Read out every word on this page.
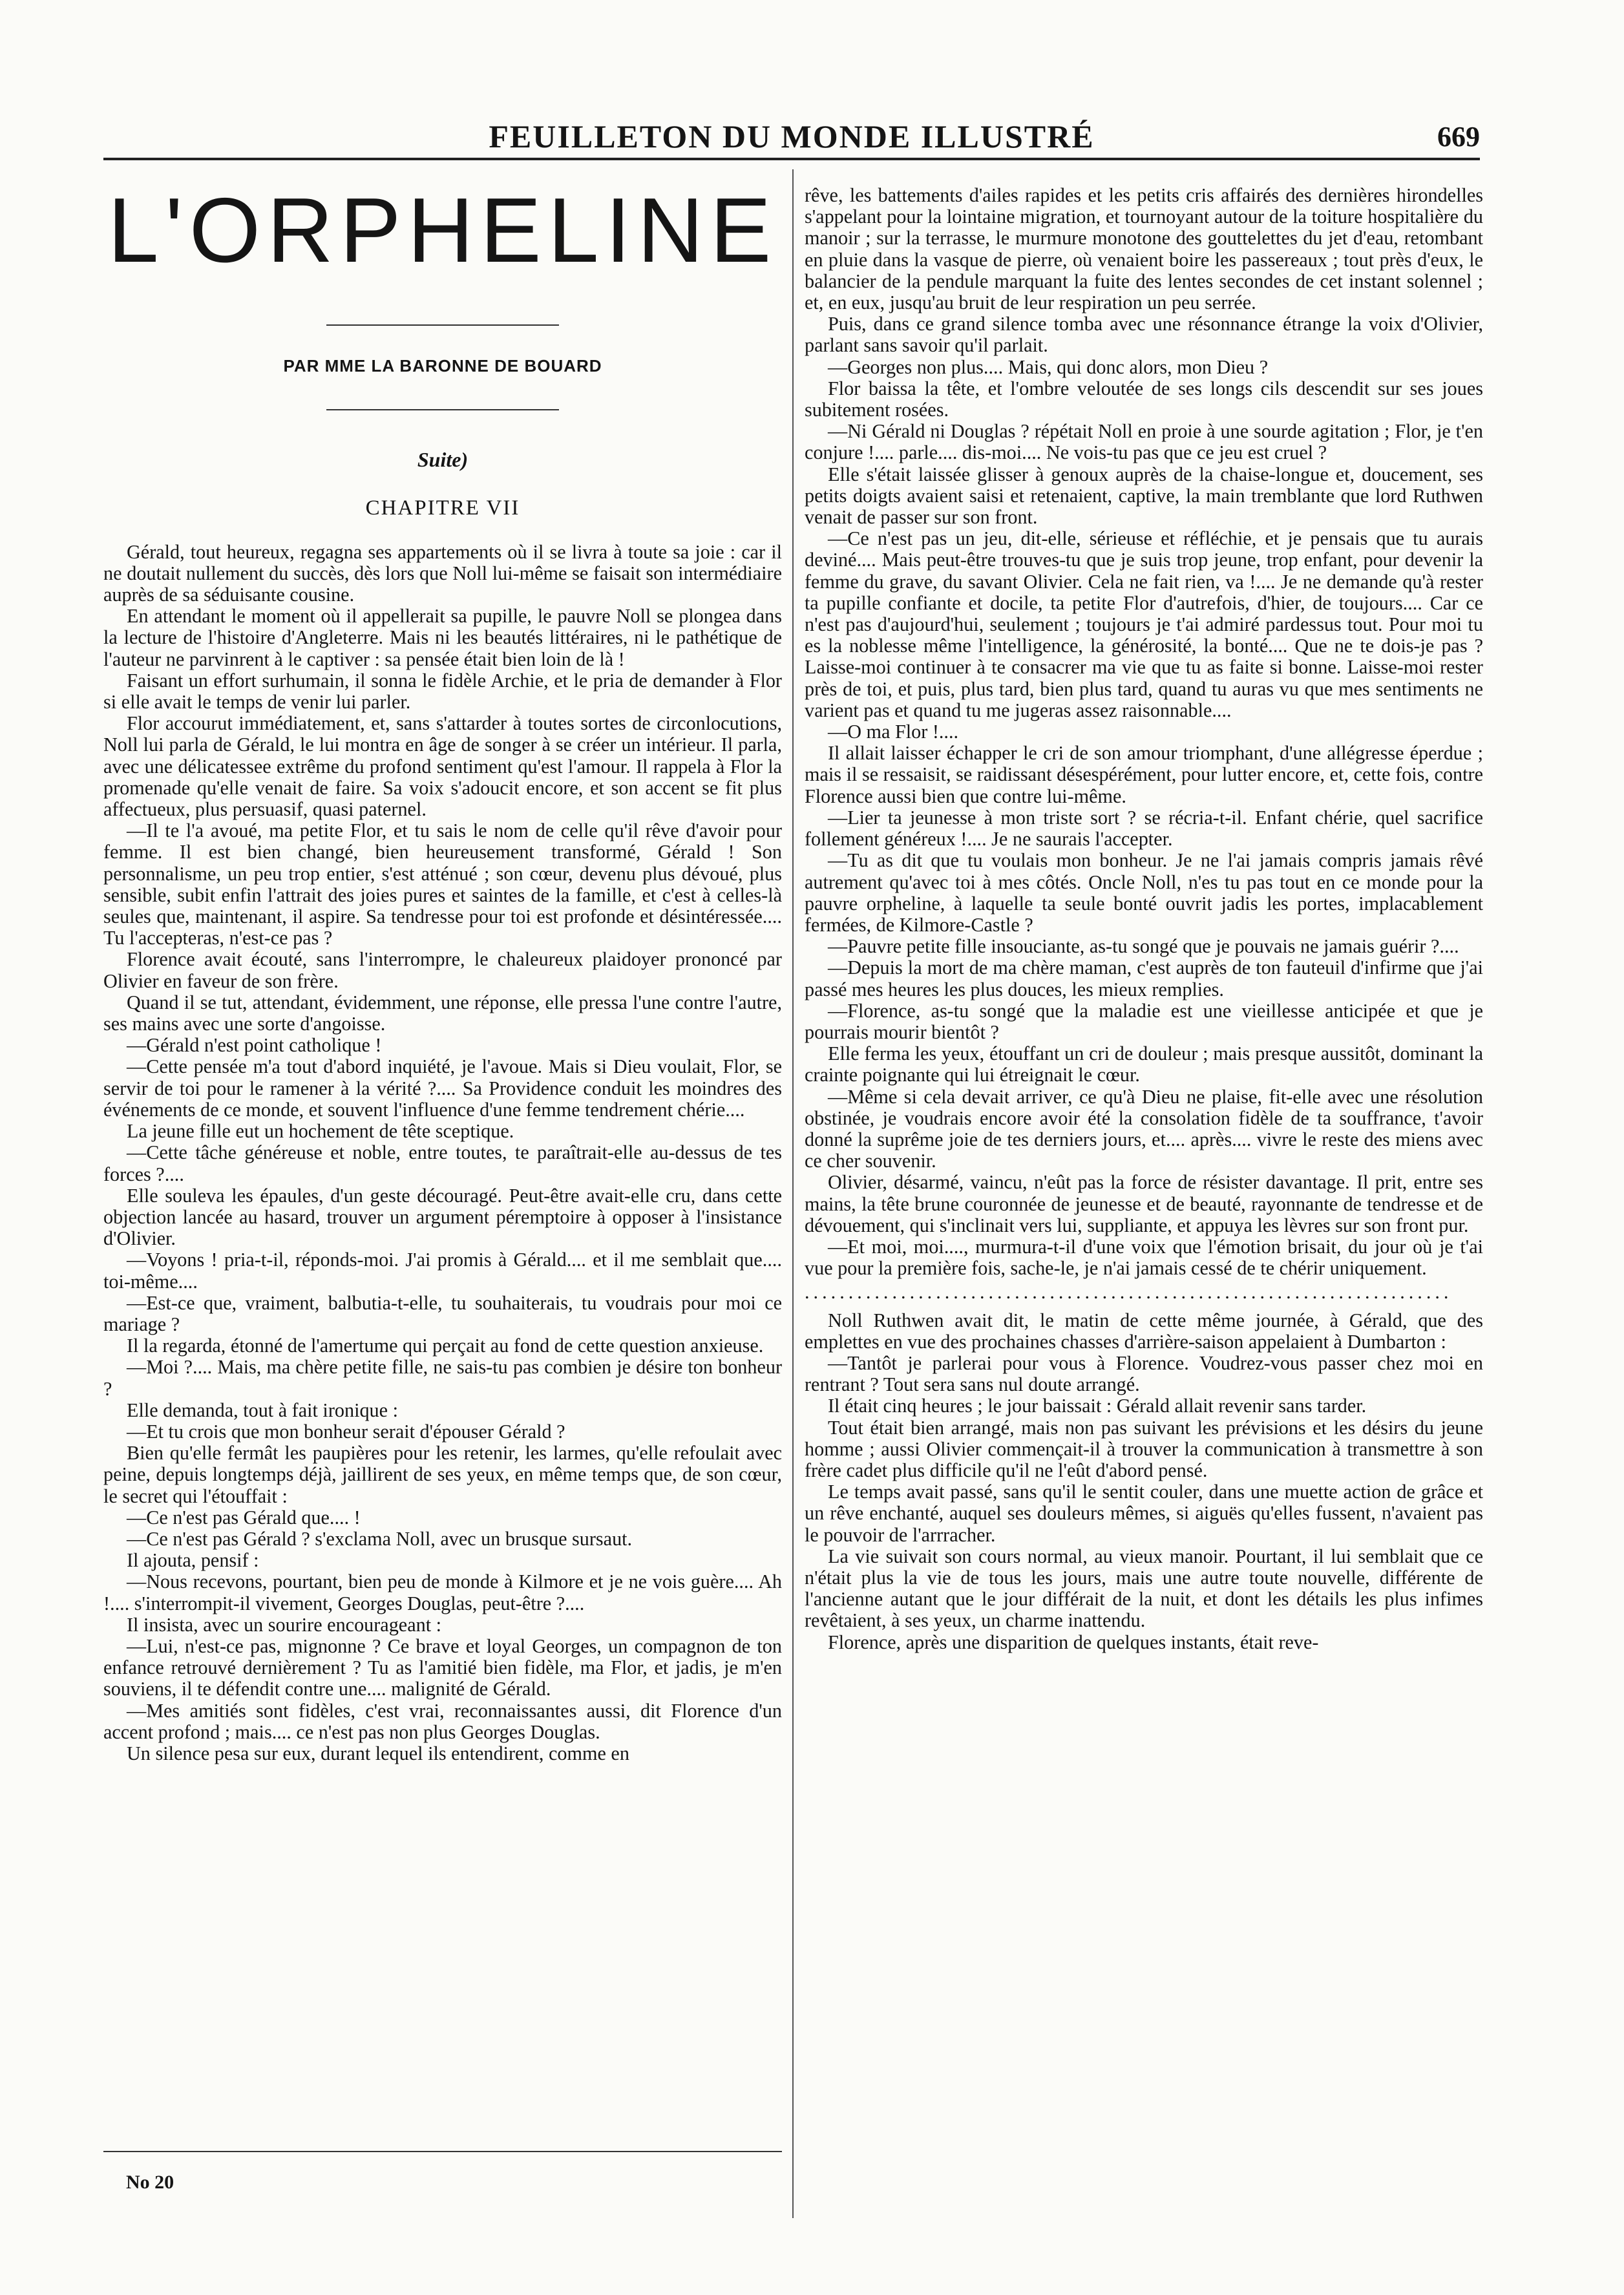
FEUILLETON DU MONDE ILLUSTRÉ	669
L'ORPHELINE
PAR MME LA BARONNE DE BOUARD
Suite)
CHAPITRE VII

Gérald, tout heureux, regagna ses appartements où il se livra à toute sa joie : car il ne doutait nullement du succès, dès lors que Noll lui-même se faisait son intermédiaire auprès de sa séduisante cousine.

En attendant le moment où il appellerait sa pupille, le pauvre Noll se plongea dans la lecture de l'histoire d'Angleterre. Mais ni les beautés littéraires, ni le pathétique de l'auteur ne parvinrent à le captiver : sa pensée était bien loin de là !

Faisant un effort surhumain, il sonna le fidèle Archie, et le pria de demander à Flor si elle avait le temps de venir lui parler.

Flor accourut immédiatement, et, sans s'attarder à toutes sortes de circonlocutions, Noll lui parla de Gérald, le lui montra en âge de songer à se créer un intérieur. Il parla, avec une délicatessee extrême du profond sentiment qu'est l'amour. Il rappela à Flor la promenade qu'elle venait de faire. Sa voix s'adoucit encore, et son accent se fit plus affectueux, plus persuasif, quasi paternel.

—Il te l'a avoué, ma petite Flor, et tu sais le nom de celle qu'il rêve d'avoir pour femme. Il est bien changé, bien heureusement transformé, Gérald ! Son personnalisme, un peu trop entier, s'est atténué ; son cœur, devenu plus dévoué, plus sensible, subit enfin l'attrait des joies pures et saintes de la famille, et c'est à celles-là seules que, maintenant, il aspire. Sa tendresse pour toi est profonde et désintéressée.... Tu l'accepteras, n'est-ce pas ?

Florence avait écouté, sans l'interrompre, le chaleureux plaidoyer prononcé par Olivier en faveur de son frère.

Quand il se tut, attendant, évidemment, une réponse, elle pressa l'une contre l'autre, ses mains avec une sorte d'angoisse.

—Gérald n'est point catholique !

—Cette pensée m'a tout d'abord inquiété, je l'avoue. Mais si Dieu voulait, Flor, se servir de toi pour le ramener à la vérité ?.... Sa Providence conduit les moindres des événements de ce monde, et souvent l'influence d'une femme tendrement chérie....

La jeune fille eut un hochement de tête sceptique.

—Cette tâche généreuse et noble, entre toutes, te paraîtrait-elle au-dessus de tes forces ?....

Elle souleva les épaules, d'un geste découragé. Peut-être avait-elle cru, dans cette objection lancée au hasard, trouver un argument péremptoire à opposer à l'insistance d'Olivier.

—Voyons ! pria-t-il, réponds-moi. J'ai promis à Gérald.... et il me semblait que.... toi-même....

—Est-ce que, vraiment, balbutia-t-elle, tu souhaiterais, tu voudrais pour moi ce mariage ?

Il la regarda, étonné de l'amertume qui perçait au fond de cette question anxieuse.

—Moi ?.... Mais, ma chère petite fille, ne sais-tu pas combien je désire ton bonheur ?

Elle demanda, tout à fait ironique :

—Et tu crois que mon bonheur serait d'épouser Gérald ?

Bien qu'elle fermât les paupières pour les retenir, les larmes, qu'elle refoulait avec peine, depuis longtemps déjà, jaillirent de ses yeux, en même temps que, de son cœur, le secret qui l'étouffait :

—Ce n'est pas Gérald que.... !

—Ce n'est pas Gérald ? s'exclama Noll, avec un brusque sursaut.

Il ajouta, pensif :

—Nous recevons, pourtant, bien peu de monde à Kilmore et je ne vois guère.... Ah !.... s'interrompit-il vivement, Georges Douglas, peut-être ?....

Il insista, avec un sourire encourageant :

—Lui, n'est-ce pas, mignonne ? Ce brave et loyal Georges, un compagnon de ton enfance retrouvé dernièrement ? Tu as l'amitié bien fidèle, ma Flor, et jadis, je m'en souviens, il te défendit contre une.... malignité de Gérald.

—Mes amitiés sont fidèles, c'est vrai, reconnaissantes aussi, dit Florence d'un accent profond ; mais.... ce n'est pas non plus Georges Douglas.

Un silence pesa sur eux, durant lequel ils entendirent, comme en

rêve, les battements d'ailes rapides et les petits cris affairés des dernières hirondelles s'appelant pour la lointaine migration, et tournoyant autour de la toiture hospitalière du manoir ; sur la terrasse, le murmure monotone des gouttelettes du jet d'eau, retombant en pluie dans la vasque de pierre, où venaient boire les passereaux ; tout près d'eux, le balancier de la pendule marquant la fuite des lentes secondes de cet instant solennel ; et, en eux, jusqu'au bruit de leur respiration un peu serrée.

Puis, dans ce grand silence tomba avec une résonnance étrange la voix d'Olivier, parlant sans savoir qu'il parlait.

—Georges non plus.... Mais, qui donc alors, mon Dieu ?

Flor baissa la tête, et l'ombre veloutée de ses longs cils descendit sur ses joues subitement rosées.

—Ni Gérald ni Douglas ? répétait Noll en proie à une sourde agitation ; Flor, je t'en conjure !.... parle.... dis-moi.... Ne vois-tu pas que ce jeu est cruel ?

Elle s'était laissée glisser à genoux auprès de la chaise-longue et, doucement, ses petits doigts avaient saisi et retenaient, captive, la main tremblante que lord Ruthwen venait de passer sur son front.

—Ce n'est pas un jeu, dit-elle, sérieuse et réfléchie, et je pensais que tu aurais deviné.... Mais peut-être trouves-tu que je suis trop jeune, trop enfant, pour devenir la femme du grave, du savant Olivier. Cela ne fait rien, va !.... Je ne demande qu'à rester ta pupille confiante et docile, ta petite Flor d'autrefois, d'hier, de toujours.... Car ce n'est pas d'aujourd'hui, seulement ; toujours je t'ai admiré pardessus tout. Pour moi tu es la noblesse même l'intelligence, la générosité, la bonté.... Que ne te dois-je pas ? Laisse-moi continuer à te consacrer ma vie que tu as faite si bonne. Laisse-moi rester près de toi, et puis, plus tard, bien plus tard, quand tu auras vu que mes sentiments ne varient pas et quand tu me jugeras assez raisonnable....

—O ma Flor !....

Il allait laisser échapper le cri de son amour triomphant, d'une allégresse éperdue ; mais il se ressaisit, se raidissant désespérément, pour lutter encore, et, cette fois, contre Florence aussi bien que contre lui-même.

—Lier ta jeunesse à mon triste sort ? se récria-t-il. Enfant chérie, quel sacrifice follement généreux !.... Je ne saurais l'accepter.

—Tu as dit que tu voulais mon bonheur. Je ne l'ai jamais compris jamais rêvé autrement qu'avec toi à mes côtés. Oncle Noll, n'es tu pas tout en ce monde pour la pauvre orpheline, à laquelle ta seule bonté ouvrit jadis les portes, implacablement fermées, de Kilmore-Castle ?

—Pauvre petite fille insouciante, as-tu songé que je pouvais ne jamais guérir ?....

—Depuis la mort de ma chère maman, c'est auprès de ton fauteuil d'infirme que j'ai passé mes heures les plus douces, les mieux remplies.

—Florence, as-tu songé que la maladie est une vieillesse anticipée et que je pourrais mourir bientôt ?

Elle ferma les yeux, étouffant un cri de douleur ; mais presque aussitôt, dominant la crainte poignante qui lui étreignait le cœur.

—Même si cela devait arriver, ce qu'à Dieu ne plaise, fit-elle avec une résolution obstinée, je voudrais encore avoir été la consolation fidèle de ta souffrance, t'avoir donné la suprême joie de tes derniers jours, et.... après.... vivre le reste des miens avec ce cher souvenir.

Olivier, désarmé, vaincu, n'eût pas la force de résister davantage. Il prit, entre ses mains, la tête brune couronnée de jeunesse et de beauté, rayonnante de tendresse et de dévouement, qui s'inclinait vers lui, suppliante, et appuya les lèvres sur son front pur.

—Et moi, moi...., murmura-t-il d'une voix que l'émotion brisait, du jour où je t'ai vue pour la première fois, sache-le, je n'ai jamais cessé de te chérir uniquement.

..........................................................................

Noll Ruthwen avait dit, le matin de cette même journée, à Gérald, que des emplettes en vue des prochaines chasses d'arrière-saison appelaient à Dumbarton :

—Tantôt je parlerai pour vous à Florence. Voudrez-vous passer chez moi en rentrant ? Tout sera sans nul doute arrangé.

Il était cinq heures ; le jour baissait : Gérald allait revenir sans tarder.

Tout était bien arrangé, mais non pas suivant les prévisions et les désirs du jeune homme ; aussi Olivier commençait-il à trouver la communication à transmettre à son frère cadet plus difficile qu'il ne l'eût d'abord pensé.

Le temps avait passé, sans qu'il le sentit couler, dans une muette action de grâce et un rêve enchanté, auquel ses douleurs mêmes, si aiguës qu'elles fussent, n'avaient pas le pouvoir de l'arrracher.

La vie suivait son cours normal, au vieux manoir. Pourtant, il lui semblait que ce n'était plus la vie de tous les jours, mais une autre toute nouvelle, différente de l'ancienne autant que le jour différait de la nuit, et dont les détails les plus infimes revêtaient, à ses yeux, un charme inattendu.

Florence, après une disparition de quelques instants, était reve-

No 20
